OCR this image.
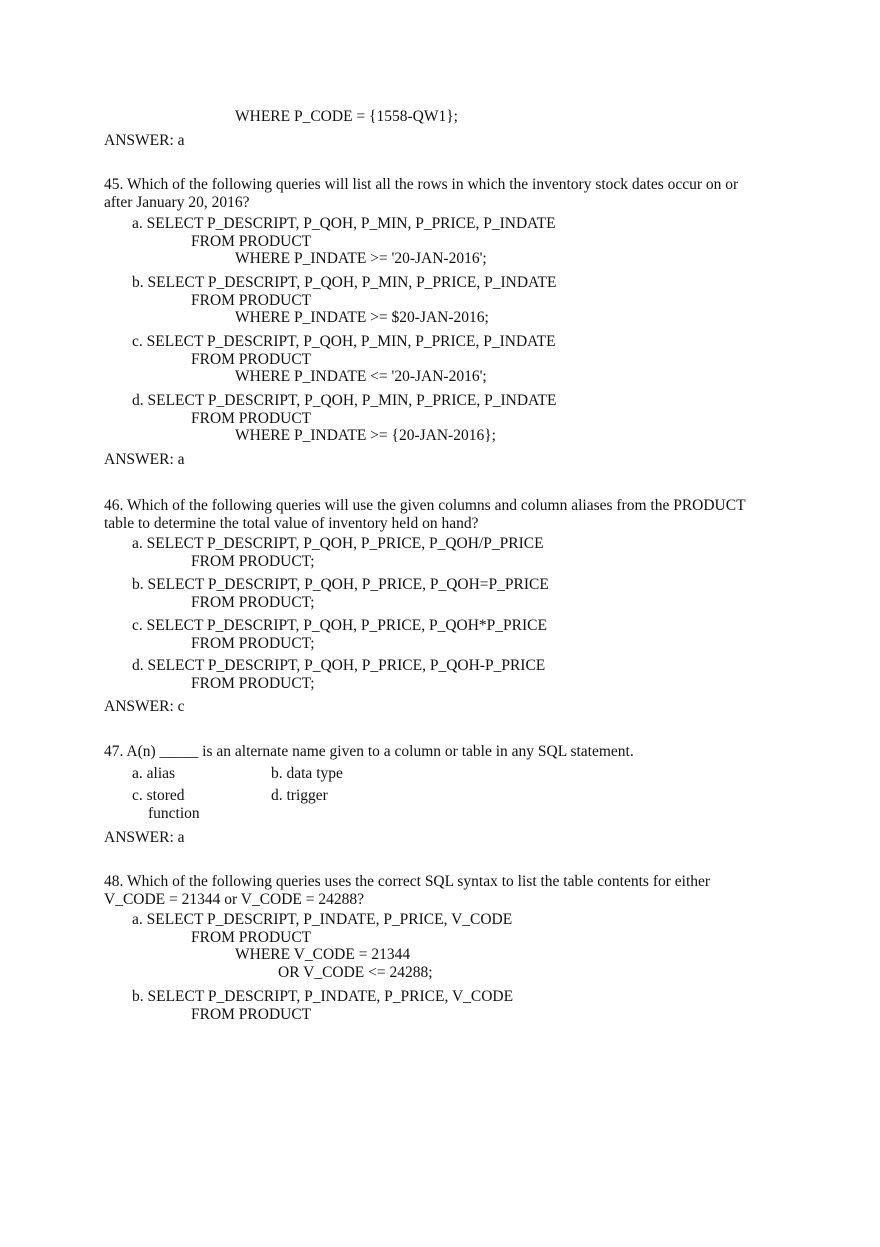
WHERE P_CODE = {1558-QW1};
ANSWER: a
45. Which of the following queries will list all the rows in which the inventory stock dates occur on or after January 20, 2016?
a. SELECT P_DESCRIPT, P_QOH, P_MIN, P_PRICE, P_INDATE
FROM PRODUCT
WHERE P_INDATE >= '20-JAN-2016';
b. SELECT P_DESCRIPT, P_QOH, P_MIN, P_PRICE, P_INDATE
FROM PRODUCT
WHERE P_INDATE >= $20-JAN-2016;
c. SELECT P_DESCRIPT, P_QOH, P_MIN, P_PRICE, P_INDATE
FROM PRODUCT
WHERE P_INDATE <= '20-JAN-2016';
d. SELECT P_DESCRIPT, P_QOH, P_MIN, P_PRICE, P_INDATE
FROM PRODUCT
WHERE P_INDATE >= {20-JAN-2016};
ANSWER: a
46. Which of the following queries will use the given columns and column aliases from the PRODUCT table to determine the total value of inventory held on hand?
a. SELECT P_DESCRIPT, P_QOH, P_PRICE, P_QOH/P_PRICE
FROM PRODUCT;
b. SELECT P_DESCRIPT, P_QOH, P_PRICE, P_QOH=P_PRICE
FROM PRODUCT;
c. SELECT P_DESCRIPT, P_QOH, P_PRICE, P_QOH*P_PRICE
FROM PRODUCT;
d. SELECT P_DESCRIPT, P_QOH, P_PRICE, P_QOH-P_PRICE
FROM PRODUCT;
ANSWER: c
47. A(n) _____ is an alternate name given to a column or table in any SQL statement.
a. alias	b. data type
c. stored
function
d. trigger
ANSWER: a
48. Which of the following queries uses the correct SQL syntax to list the table contents for either V_CODE = 21344 or V_CODE = 24288?
a. SELECT P_DESCRIPT, P_INDATE, P_PRICE, V_CODE
FROM PRODUCT
WHERE V_CODE = 21344
OR V_CODE <= 24288;
b. SELECT P_DESCRIPT, P_INDATE, P_PRICE, V_CODE
FROM PRODUCT
